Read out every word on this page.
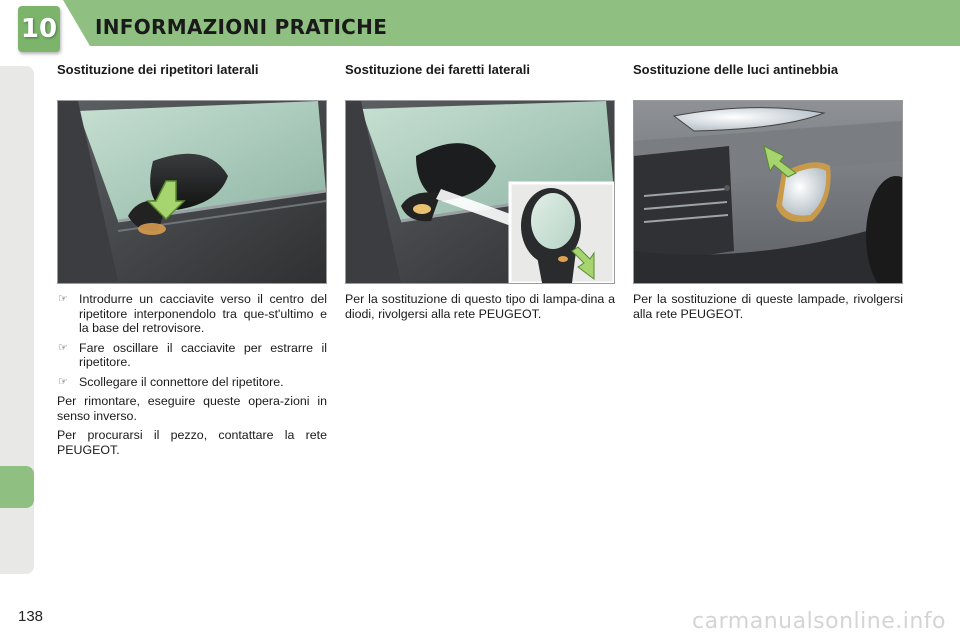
10 INFORMAZIONI PRATICHE
Sostituzione dei ripetitori laterali
☞ Introdurre un cacciavite verso il centro del ripetitore interponendolo tra que-st'ultimo e la base del retrovisore.
☞ Fare oscillare il cacciavite per estrarre il ripetitore.
☞ Scollegare il connettore del ripetitore.

Per rimontare, eseguire queste opera-zioni in senso inverso.

Per procurarsi il pezzo, contattare la rete PEUGEOT.

Sostituzione dei faretti laterali

Per la sostituzione di questo tipo di lampa-dina a diodi, rivolgersi alla rete PEUGEOT.

Sostituzione delle luci antinebbia

Per la sostituzione di queste lampade, rivolgersi alla rete PEUGEOT.

138	carmanualsonline.info
